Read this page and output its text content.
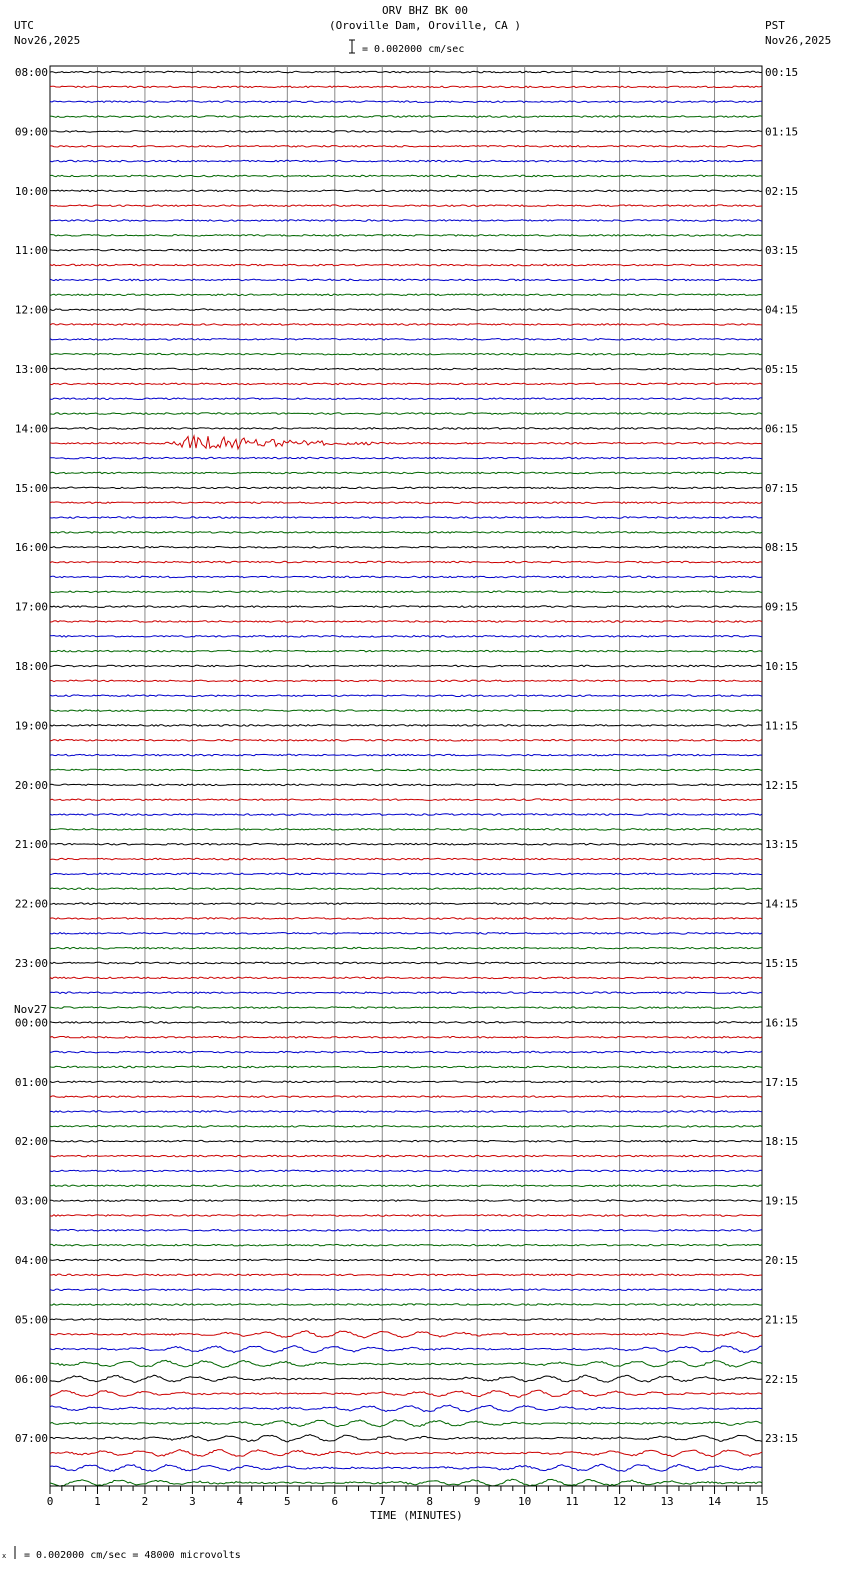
ORV BHZ BK 00
(Oroville Dam, Oroville, CA )
= 0.002000 cm/sec
UTC
Nov26,2025
PST
Nov26,2025
Nov27
TIME (MINUTES)
x = 0.002000 cm/sec = 48000 microvolts
08:00
09:00
10:00
11:00
12:00
13:00
14:00
15:00
16:00
17:00
18:00
19:00
20:00
21:00
22:00
23:00
00:00
01:00
02:00
03:00
04:00
05:00
06:00
07:00
00:15
01:15
02:15
03:15
04:15
05:15
06:15
07:15
08:15
09:15
10:15
11:15
12:15
13:15
14:15
15:15
16:15
17:15
18:15
19:15
20:15
21:15
22:15
23:15
0	1	2	3	4	5	6	7	8	9	10	11	12	13	14	15
